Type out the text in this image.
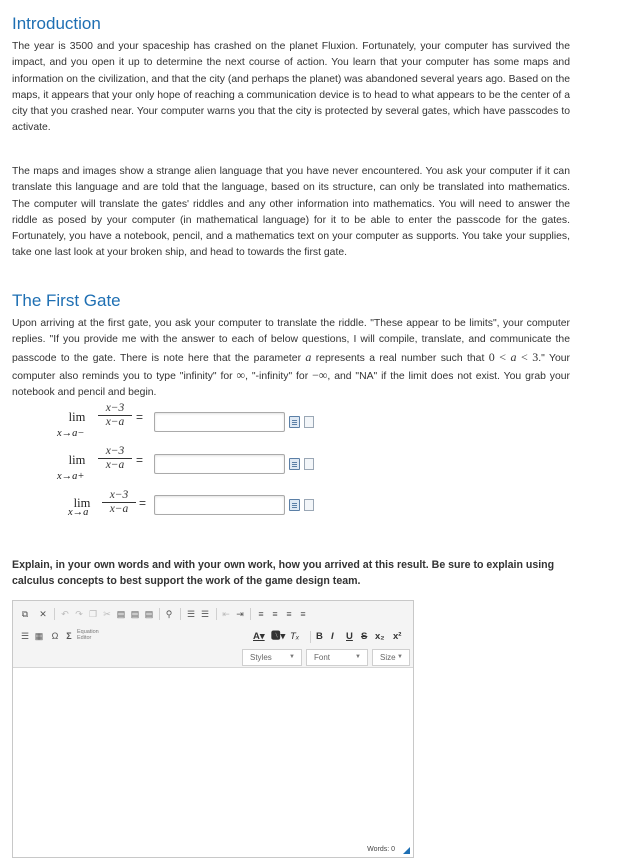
Introduction

The year is 3500 and your spaceship has crashed on the planet Fluxion. Fortunately, your computer has survived the impact, and you open it up to determine the next course of action. You learn that your computer has some maps and information on the civilization, and that the city (and perhaps the planet) was abandoned several years ago. Based on the maps, it appears that your only hope of reaching a communication device is to head to what appears to be the center of a city that you crashed near. Your computer warns you that the city is protected by several gates, which have passcodes to activate.

The maps and images show a strange alien language that you have never encountered. You ask your computer if it can translate this language and are told that the language, based on its structure, can only be translated into mathematics. The computer will translate the gates' riddles and any other information into mathematics. You will need to answer the riddle as posed by your computer (in mathematical language) for it to be able to enter the passcode for the gates. Fortunately, you have a notebook, pencil, and a mathematics text on your computer as supports. You take your supplies, take one last look at your broken ship, and head to towards the first gate.

The First Gate

Upon arriving at the first gate, you ask your computer to translate the riddle. "These appear to be limits", your computer replies. "If you provide me with the answer to each of below questions, I will compile, translate, and communicate the passcode to the gate. There is note here that the parameter a represents a real number such that 0 < a < 3." Your computer also reminds you to type "infinity" for ∞, "-infinity" for −∞, and "NA" if the limit does not exist. You grab your notebook and pencil and begin.

lim
x→a−
$\frac{x-3}{x-a}$ =
lim
x→a+
$\frac{x-3}{x-a}$ =
lim
x→a	$\frac{x-3}{x-a}$ =
Explain, in your own words and with your own work, how you arrived at this result. Be sure to explain using calculus concepts to best support the work of the game design team.
⧉	✕ ↶ ↷ ❐ ✂ ▤ ▤ ▤	⚲	☰ ☰ ⇤ ⇥	≡ ≡ ≡ ≡
☰ ▦ Ω Σ Equation Editor	A▾ 🅰▾ Tₓ B I U S x₂ x²
Styles	▼	Font	▼	Size ▼
Words: 0
